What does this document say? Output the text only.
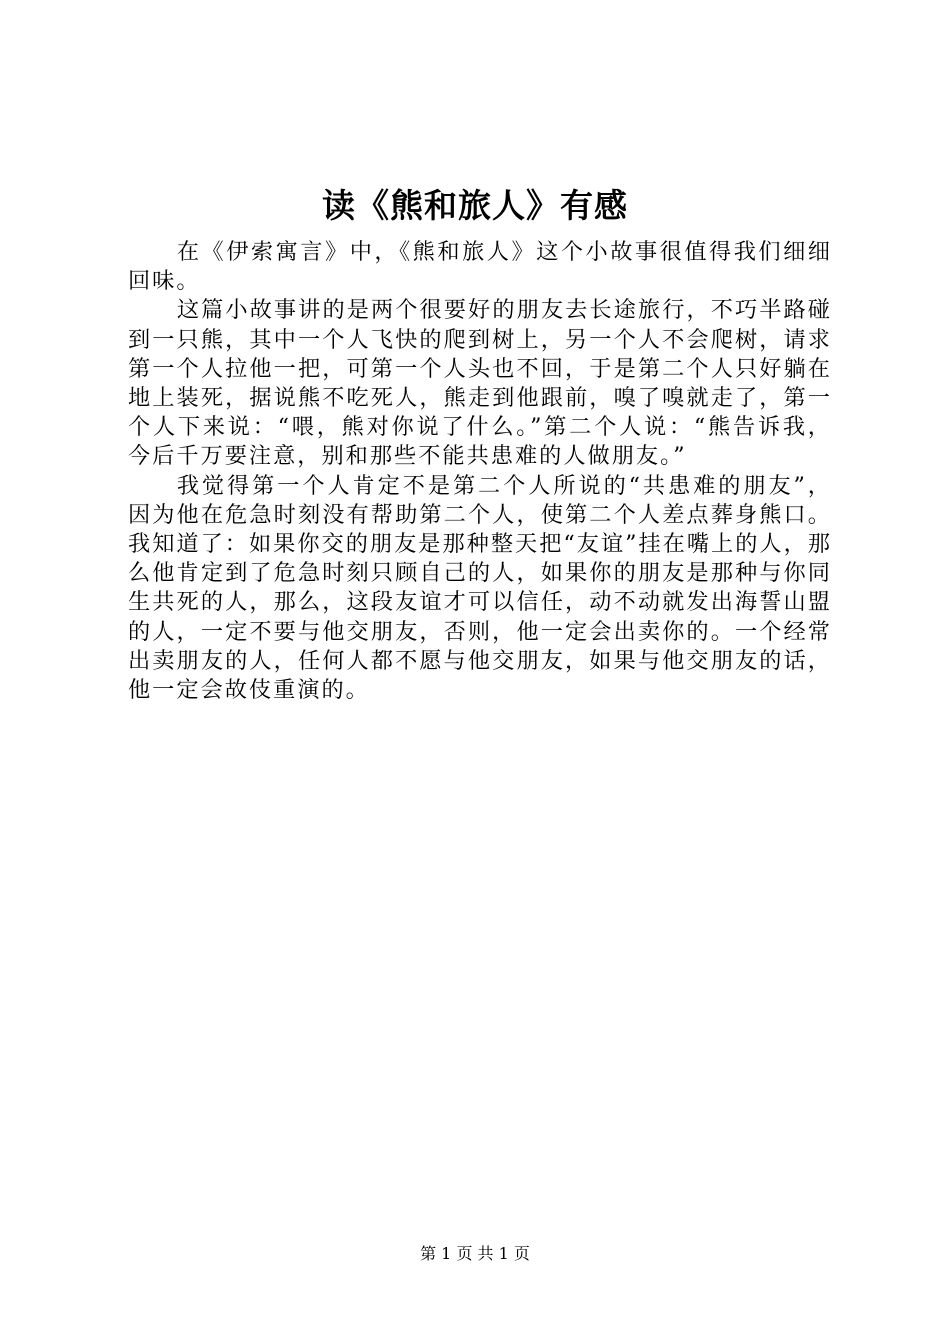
读《熊和旅人》有感

在《伊索寓言》中，《熊和旅人》这个小故事很值得我们细细回味。

这篇小故事讲的是两个很要好的朋友去长途旅行，不巧半路碰到一只熊，其中一个人飞快的爬到树上，另一个人不会爬树，请求第一个人拉他一把，可第一个人头也不回，于是第二个人只好躺在地上装死，据说熊不吃死人，熊走到他跟前，嗅了嗅就走了，第一个人下来说：“喂，熊对你说了什么。”第二个人说：“熊告诉我，今后千万要注意，别和那些不能共患难的人做朋友。”

我觉得第一个人肯定不是第二个人所说的“共患难的朋友”，因为他在危急时刻没有帮助第二个人，使第二个人差点葬身熊口。我知道了：如果你交的朋友是那种整天把“友谊”挂在嘴上的人，那么他肯定到了危急时刻只顾自己的人，如果你的朋友是那种与你同生共死的人，那么，这段友谊才可以信任，动不动就发出海誓山盟的人，一定不要与他交朋友，否则，他一定会出卖你的。一个经常出卖朋友的人，任何人都不愿与他交朋友，如果与他交朋友的话，他一定会故伎重演的。

第 1 页 共 1 页
